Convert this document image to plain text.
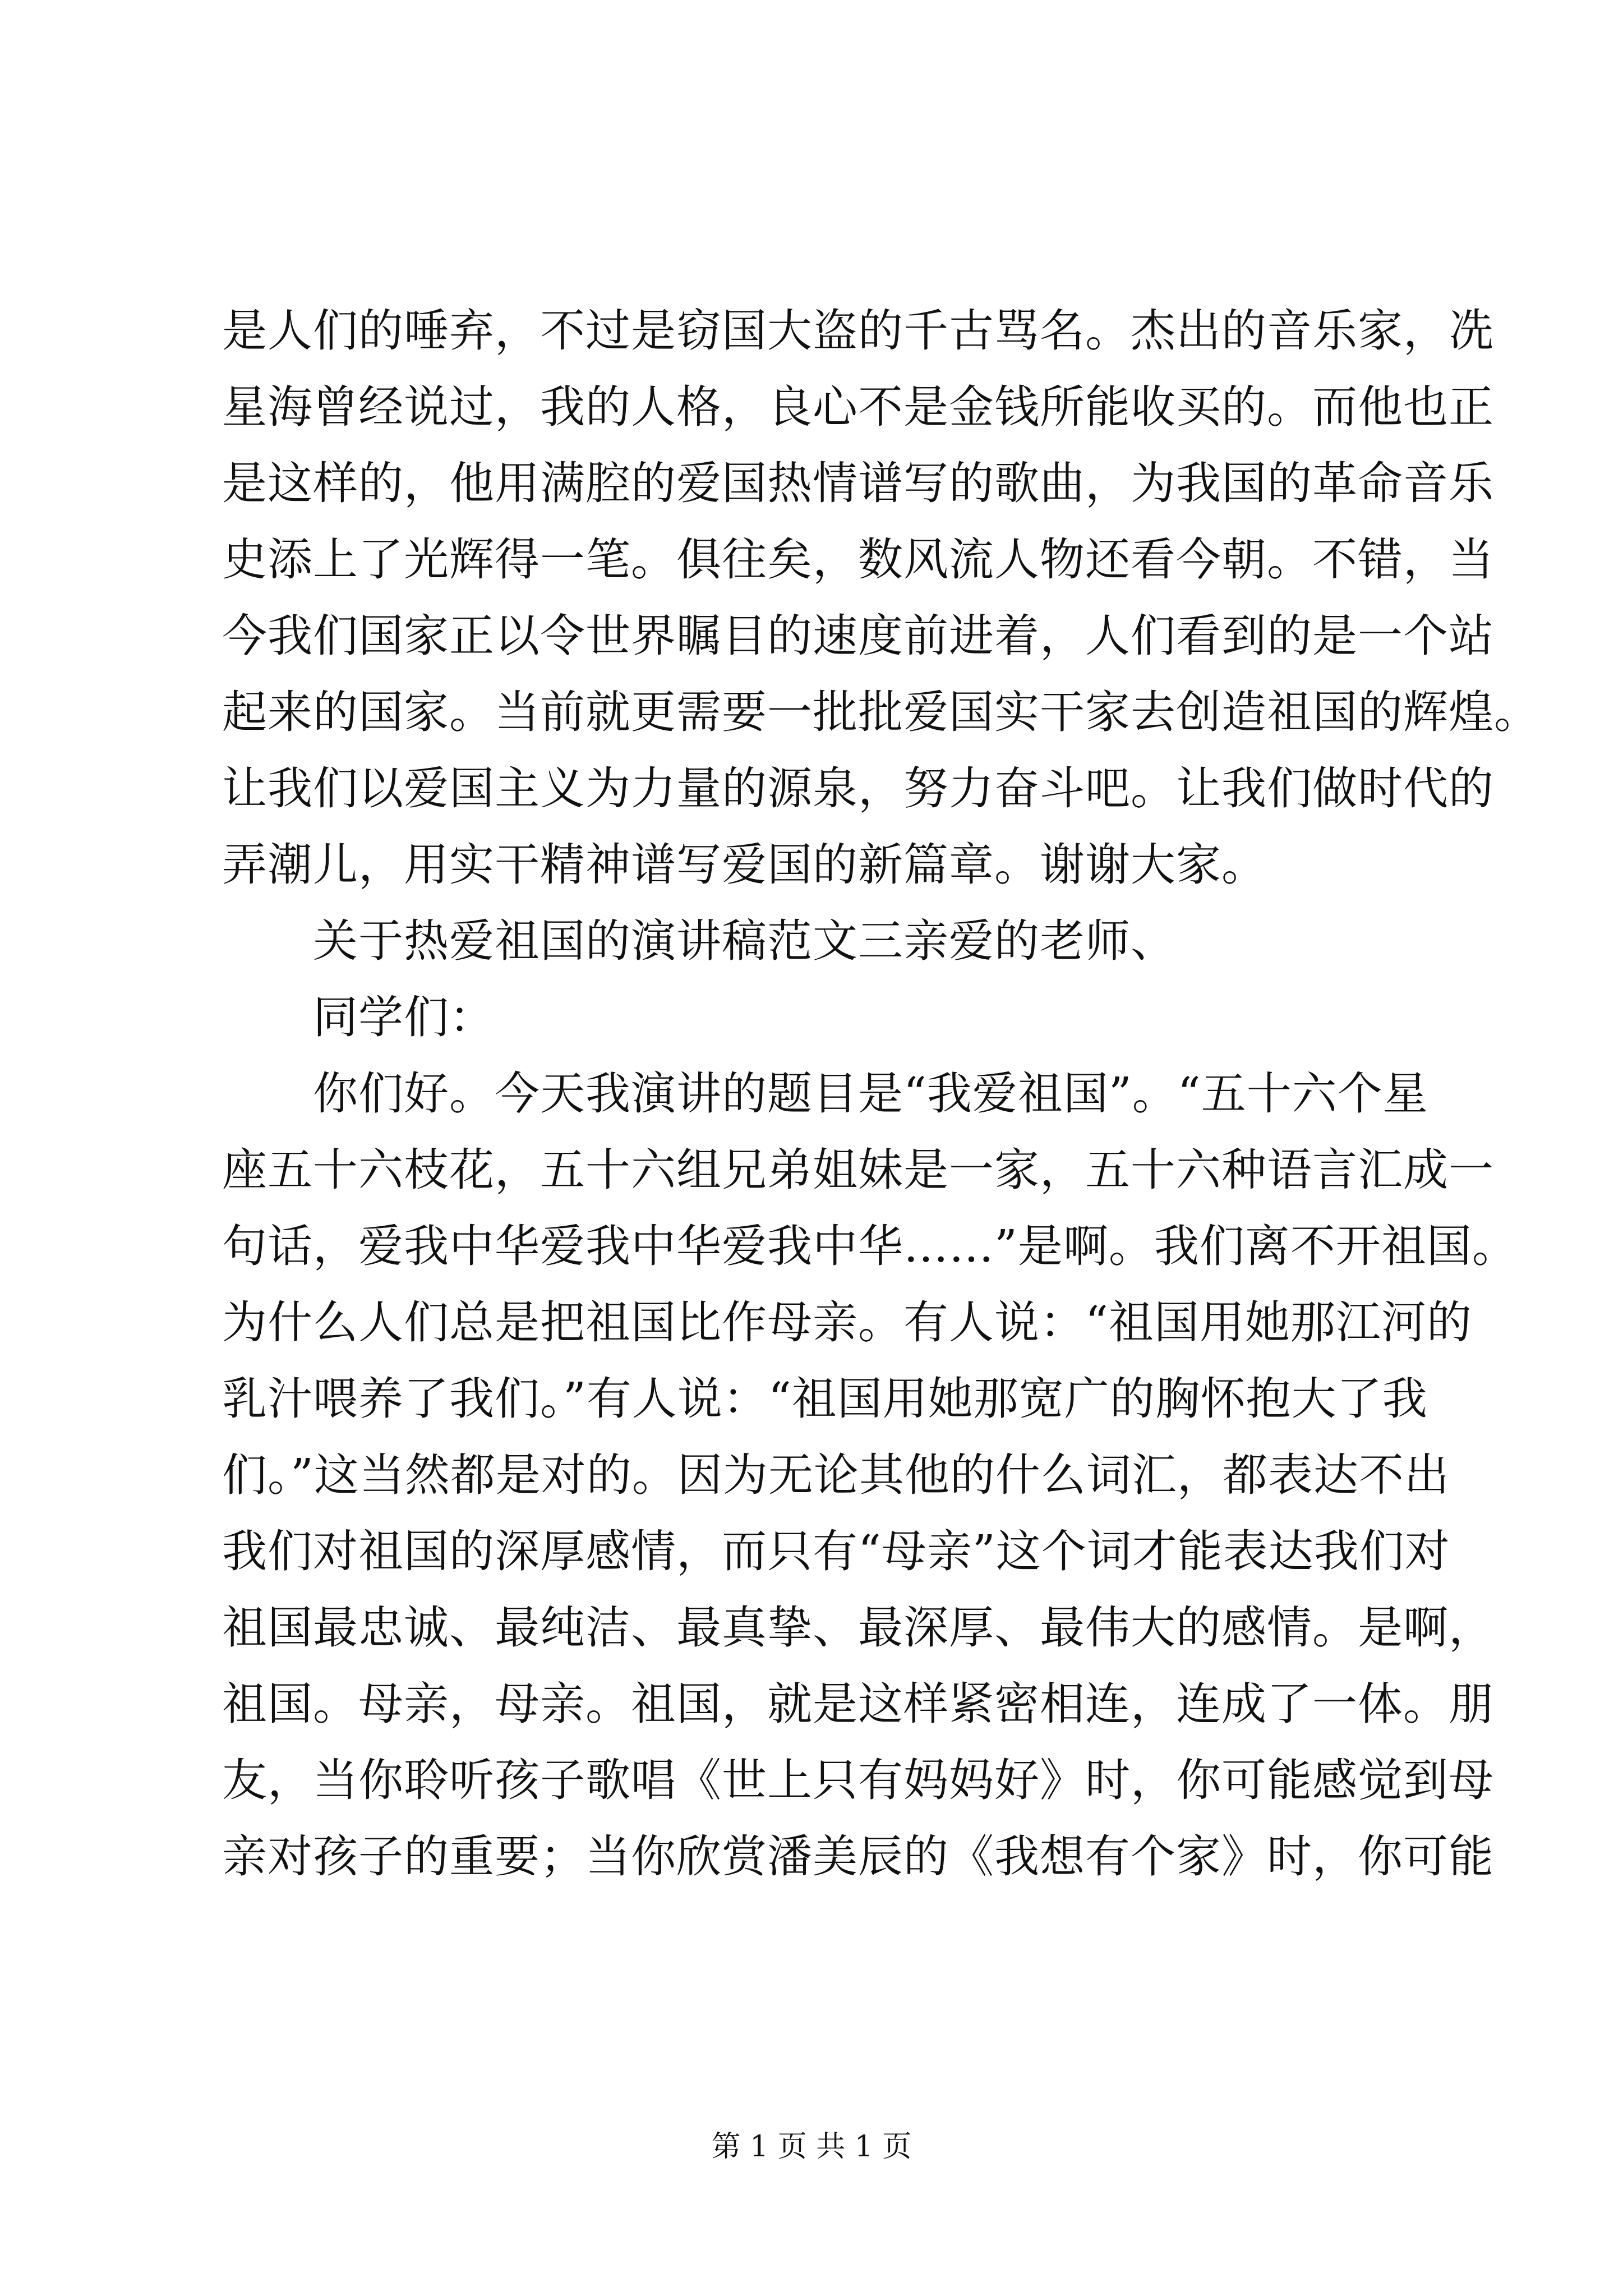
是人们的唾弃，不过是窃国大盗的千古骂名。杰出的音乐家，冼
星海曾经说过，我的人格，良心不是金钱所能收买的。而他也正
是这样的，他用满腔的爱国热情谱写的歌曲，为我国的革命音乐
史添上了光辉得一笔。俱往矣，数风流人物还看今朝。不错，当
今我们国家正以令世界瞩目的速度前进着，人们看到的是一个站
起来的国家。当前就更需要一批批爱国实干家去创造祖国的辉煌。
让我们以爱国主义为力量的源泉，努力奋斗吧。让我们做时代的
弄潮儿，用实干精神谱写爱国的新篇章。谢谢大家。
关于热爱祖国的演讲稿范文三亲爱的老师、
同学们：
你们好。今天我演讲的题目是“我爱祖国”。“五十六个星
座五十六枝花，五十六组兄弟姐妹是一家，五十六种语言汇成一
句话，爱我中华爱我中华爱我中华……”是啊。我们离不开祖国。
为什么人们总是把祖国比作母亲。有人说：“祖国用她那江河的
乳汁喂养了我们。”有人说：“祖国用她那宽广的胸怀抱大了我
们。”这当然都是对的。因为无论其他的什么词汇，都表达不出
我们对祖国的深厚感情，而只有“母亲”这个词才能表达我们对
祖国最忠诚、最纯洁、最真挚、最深厚、最伟大的感情。是啊，
祖国。母亲，母亲。祖国，就是这样紧密相连，连成了一体。朋
友，当你聆听孩子歌唱《世上只有妈妈好》时，你可能感觉到母
亲对孩子的重要；当你欣赏潘美辰的《我想有个家》时，你可能
第 1 页 共 1 页
